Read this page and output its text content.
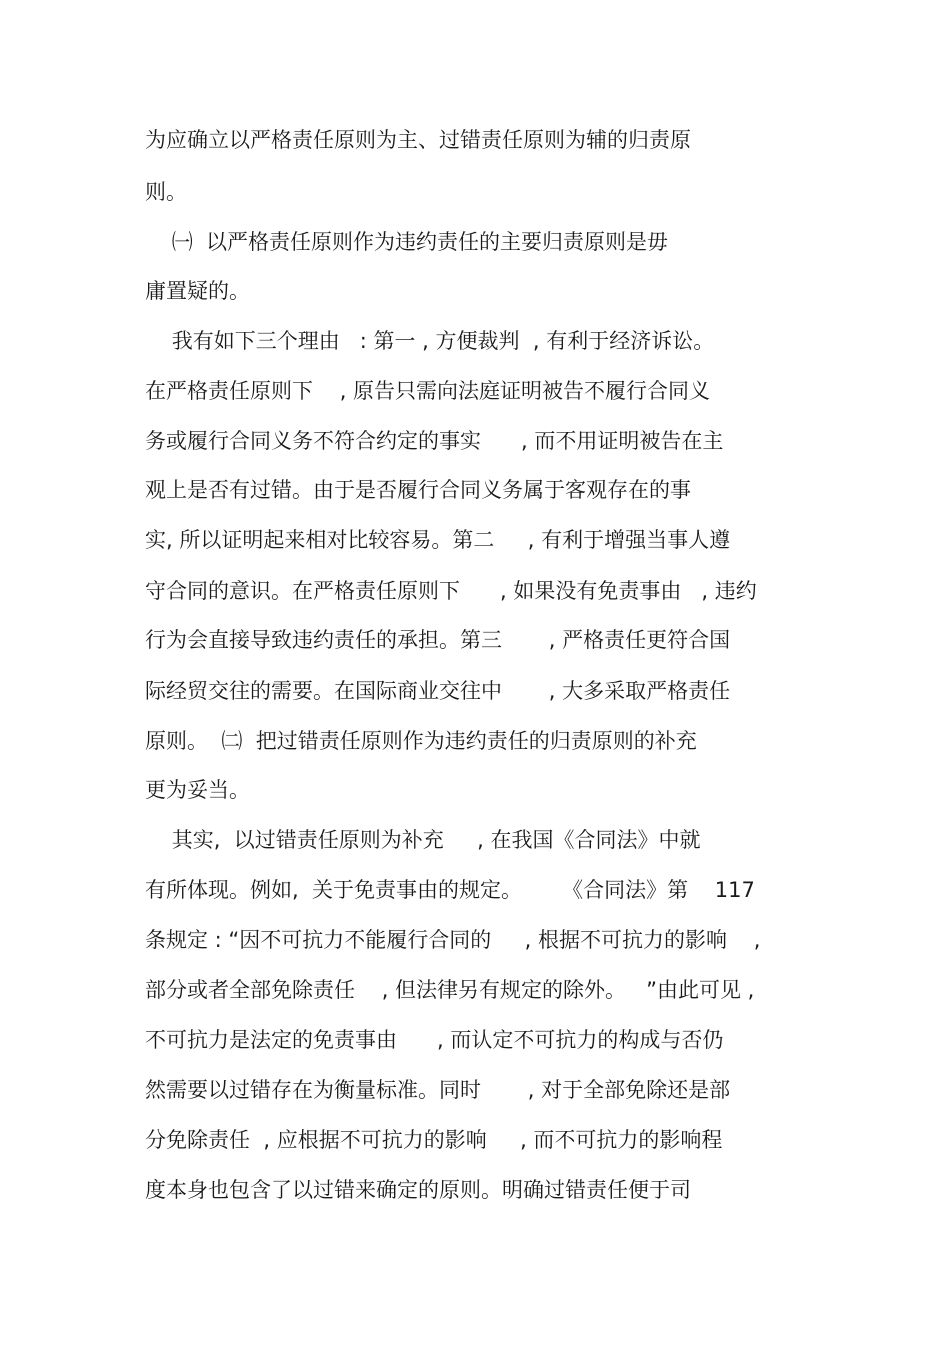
为应确立以严格责任原则为主、过错责任原则为辅的归责原
则。
㈠  以严格责任原则作为违约责任的主要归责原则是毋
庸置疑的。
我有如下三个理由   : 第一 , 方便裁判  , 有利于经济诉讼。
在严格责任原则下    , 原告只需向法庭证明被告不履行合同义
务或履行合同义务不符合约定的事实      , 而不用证明被告在主
观上是否有过错。由于是否履行合同义务属于客观存在的事
实, 所以证明起来相对比较容易。第二     , 有利于增强当事人遵
守合同的意识。在严格责任原则下      , 如果没有免责事由   , 违约
行为会直接导致违约责任的承担。第三       , 严格责任更符合国
际经贸交往的需要。在国际商业交往中       , 大多采取严格责任
原则。  ㈡  把过错责任原则作为违约责任的归责原则的补充
更为妥当。
其实,  以过错责任原则为补充     , 在我国《合同法》中就
有所体现。例如,  关于免责事由的规定。      《合同法》第    117
条规定 : “因不可抗力不能履行合同的     , 根据不可抗力的影响    ,
部分或者全部免除责任    , 但法律另有规定的除外。   ”由此可见 ,
不可抗力是法定的免责事由      , 而认定不可抗力的构成与否仍
然需要以过错存在为衡量标准。同时       , 对于全部免除还是部
分免除责任  , 应根据不可抗力的影响     , 而不可抗力的影响程
度本身也包含了以过错来确定的原则。明确过错责任便于司
